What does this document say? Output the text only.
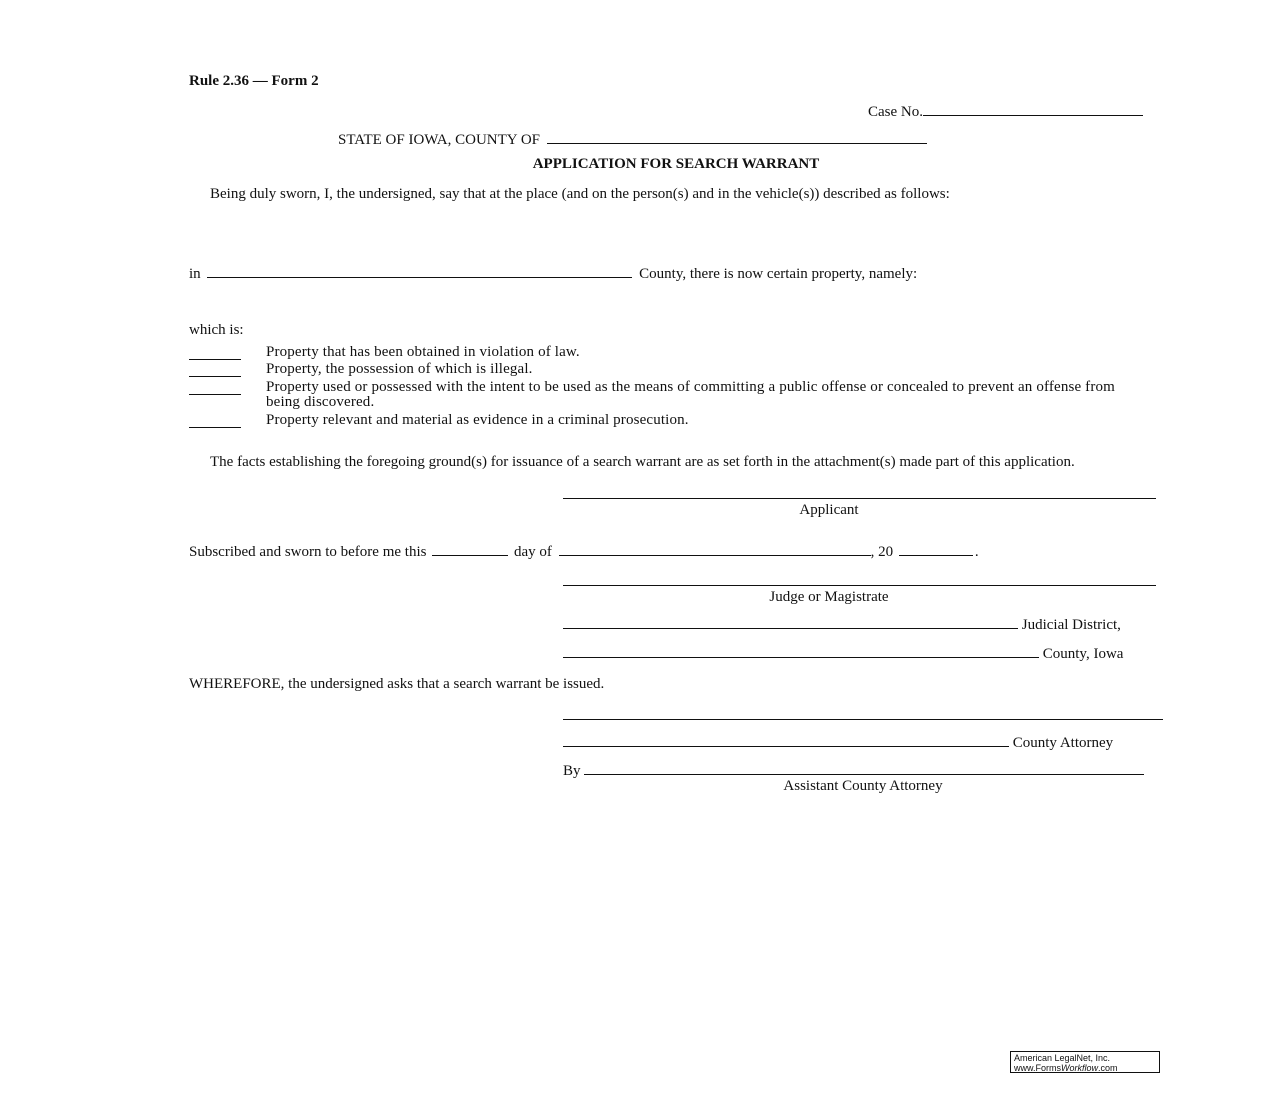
Rule 2.36 — Form 2
Case No.
STATE OF IOWA, COUNTY OF
APPLICATION FOR SEARCH WARRANT
Being duly sworn, I, the undersigned, say that at the place (and on the person(s) and in the vehicle(s)) described as follows:
in	County, there is now certain property, namely:
which is:
Property that has been obtained in violation of law.
Property, the possession of which is illegal.
Property used or possessed with the intent to be used as the means of committing a public offense or concealed to prevent an offense from being discovered.
Property relevant and material as evidence in a criminal prosecution.
The facts establishing the foregoing ground(s) for issuance of a search warrant are as set forth in the attachment(s) made part of this application.
Applicant
Subscribed and sworn to before me this	day of	, 20	.
Judge or Magistrate
Judicial District,
County, Iowa
WHEREFORE, the undersigned asks that a search warrant be issued.
County Attorney
By
Assistant County Attorney
American LegalNet, Inc.
www.FormsWorkflow.com
